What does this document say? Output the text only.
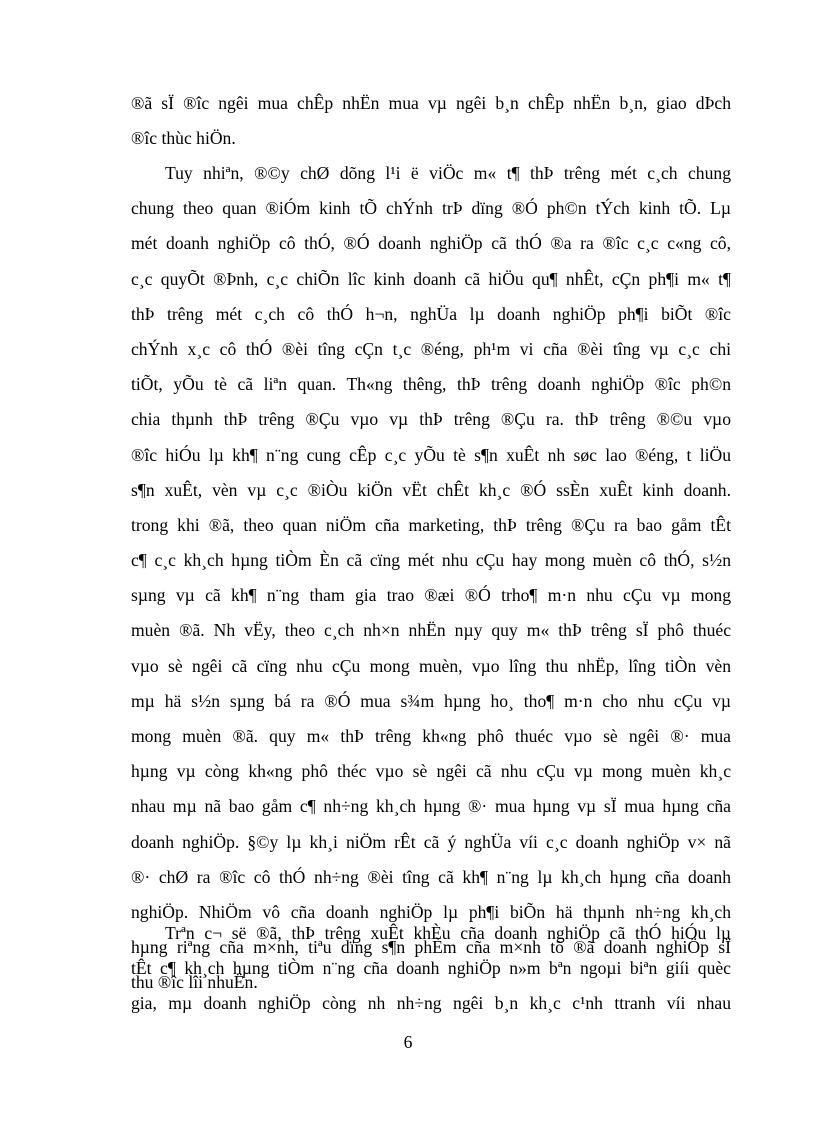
®ã sÏ ®îc ngêi mua chÊp nhËn mua vµ ngêi b¸n chÊp nhËn b¸n, giao dÞch
®îc thùc hiÖn.
Tuy nhiªn, ®©y chØ dõng l¹i ë viÖc m« t¶ thÞ trêng mét c¸ch chung
chung theo quan ®iÓm kinh tÕ chÝnh trÞ dïng ®Ó ph©n tÝch kinh tÕ. Lµ
mét doanh nghiÖp cô thÓ, ®Ó doanh nghiÖp cã thÓ ®a ra ®îc c¸c c«ng cô,
c¸c quyÕt ®Þnh, c¸c chiÕn lîc kinh doanh cã hiÖu qu¶ nhÊt, cÇn ph¶i m« t¶
thÞ trêng mét c¸ch cô thÓ h¬n, nghÜa lµ doanh nghiÖp ph¶i biÕt ®îc
chÝnh x¸c cô thÓ ®èi tîng cÇn t¸c ®éng, ph¹m vi cña ®èi tîng vµ c¸c chi
tiÕt, yÕu tè cã liªn quan. Th«ng thêng, thÞ trêng doanh nghiÖp ®îc ph©n
chia thµnh thÞ trêng ®Çu vµo vµ thÞ trêng ®Çu ra. thÞ trêng ®©u vµo
®îc hiÓu lµ kh¶ n¨ng cung cÊp c¸c yÕu tè s¶n xuÊt nh søc lao ®éng, t liÖu
s¶n xuÊt, vèn vµ c¸c ®iÒu kiÖn vËt chÊt kh¸c ®Ó ssÈn xuÊt kinh doanh.
trong khi ®ã, theo quan niÖm cña marketing, thÞ trêng ®Çu ra bao gåm tÊt
c¶ c¸c kh¸ch hµng tiÒm Èn cã cïng mét nhu cÇu hay mong muèn cô thÓ, s½n
sµng vµ cã kh¶ n¨ng tham gia trao ®æi ®Ó trho¶ m·n nhu cÇu vµ mong
muèn ®ã. Nh vËy, theo c¸ch nh×n nhËn nµy quy m« thÞ trêng sÏ phô thuéc
vµo sè ngêi cã cïng nhu cÇu mong muèn, vµo lîng thu nhËp, lîng tiÒn vèn
mµ hä s½n sµng bá ra ®Ó mua s¾m hµng ho¸ tho¶ m·n cho nhu cÇu vµ
mong muèn ®ã. quy m« thÞ trêng kh«ng phô thuéc vµo sè ngêi ®· mua
hµng vµ còng kh«ng phô théc vµo sè ngêi cã nhu cÇu vµ mong muèn kh¸c
nhau mµ nã bao gåm c¶ nh÷ng kh¸ch hµng ®· mua hµng vµ sÏ mua hµng cña
doanh nghiÖp. §©y lµ kh¸i niÖm rÊt cã ý nghÜa víi c¸c doanh nghiÖp v× nã
®· chØ ra ®îc cô thÓ nh÷ng ®èi tîng cã kh¶ n¨ng lµ kh¸ch hµng cña doanh
nghiÖp. NhiÖm vô cña doanh nghiÖp lµ ph¶i biÕn hä thµnh nh÷ng kh¸ch
hµng riªng cña m×nh, tiªu dïng s¶n phÈm cña m×nh tõ ®ã doanh nghiÖp sÏ
thu ®îc lîi nhuËn.
Trªn c¬ së ®ã, thÞ trêng xuÊt khÈu cña doanh nghiÖp cã thÓ hiÓu lµ
tÊt c¶ kh¸ch hµng tiÒm n¨ng cña doanh nghiÖp n»m bªn ngoµi biªn giíi quèc
gia, mµ doanh nghiÖp còng nh nh÷ng ngêi b¸n kh¸c c¹nh ttranh víi nhau
6
